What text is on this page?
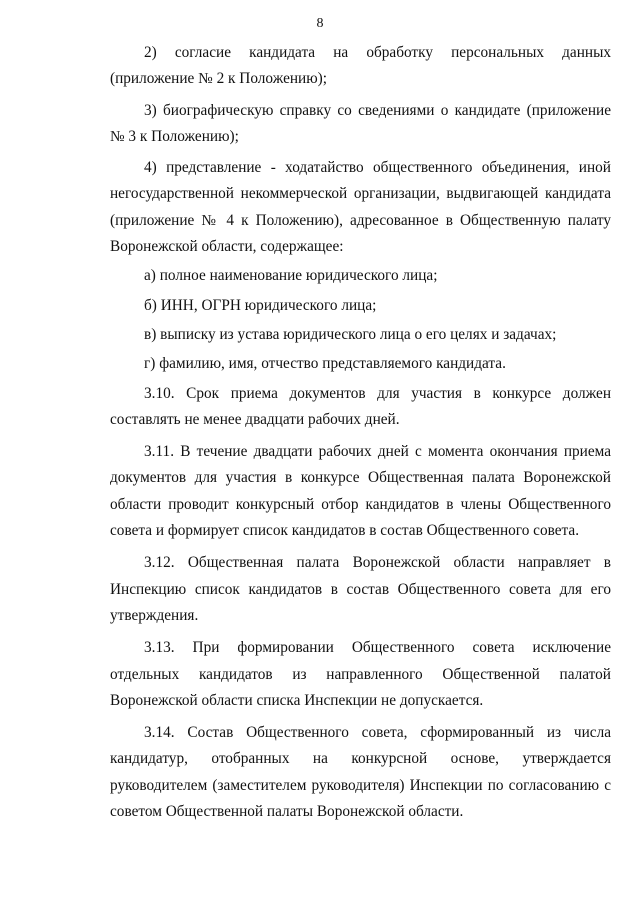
8

2) согласие кандидата на обработку персональных данных (приложение № 2 к Положению);

3) биографическую справку со сведениями о кандидате (приложение № 3 к Положению);

4) представление - ходатайство общественного объединения, иной негосударственной некоммерческой организации, выдвигающей кандидата (приложение № 4 к Положению), адресованное в Общественную палату Воронежской области, содержащее:

а) полное наименование юридического лица;

б) ИНН, ОГРН юридического лица;

в) выписку из устава юридического лица о его целях и задачах;

г) фамилию, имя, отчество представляемого кандидата.

3.10. Срок приема документов для участия в конкурсе должен составлять не менее двадцати рабочих дней.

3.11. В течение двадцати рабочих дней с момента окончания приема документов для участия в конкурсе Общественная палата Воронежской области проводит конкурсный отбор кандидатов в члены Общественного совета и формирует список кандидатов в состав Общественного совета.

3.12. Общественная палата Воронежской области направляет в Инспекцию список кандидатов в состав Общественного совета для его утверждения.

3.13. При формировании Общественного совета исключение отдельных кандидатов из направленного Общественной палатой Воронежской области списка Инспекции не допускается.

3.14. Состав Общественного совета, сформированный из числа кандидатур, отобранных на конкурсной основе, утверждается руководителем (заместителем руководителя) Инспекции по согласованию с советом Общественной палаты Воронежской области.
